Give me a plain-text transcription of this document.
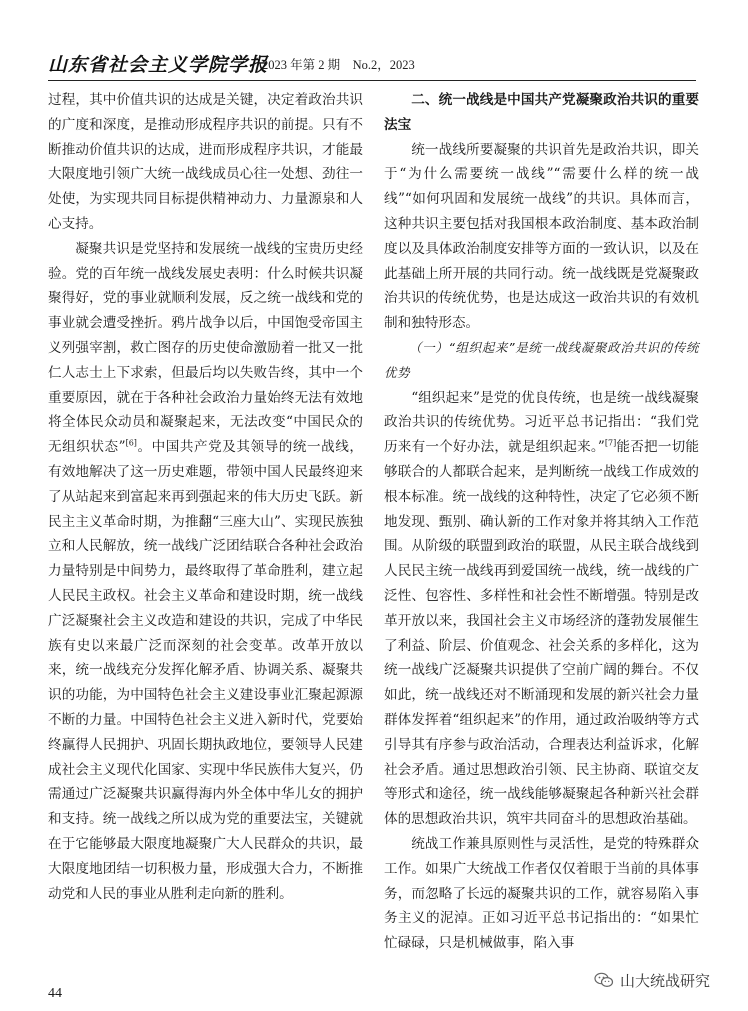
山东省社会主义学院学报
2023 年第 2 期    No.2，2023

过程，其中价值共识的达成是关键，决定着政治共识的广度和深度，是推动形成程序共识的前提。只有不断推动价值共识的达成，进而形成程序共识，才能最大限度地引领广大统一战线成员心往一处想、劲往一处使，为实现共同目标提供精神动力、力量源泉和人心支持。

凝聚共识是党坚持和发展统一战线的宝贵历史经验。党的百年统一战线发展史表明：什么时候共识凝聚得好，党的事业就顺利发展，反之统一战线和党的事业就会遭受挫折。鸦片战争以后，中国饱受帝国主义列强宰割，救亡图存的历史使命激励着一批又一批仁人志士上下求索，但最后均以失败告终，其中一个重要原因，就在于各种社会政治力量始终无法有效地将全体民众动员和凝聚起来，无法改变“中国民众的无组织状态”[6]。中国共产党及其领导的统一战线，有效地解决了这一历史难题，带领中国人民最终迎来了从站起来到富起来再到强起来的伟大历史飞跃。新民主主义革命时期，为推翻“三座大山”、实现民族独立和人民解放，统一战线广泛团结联合各种社会政治力量特别是中间势力，最终取得了革命胜利，建立起人民民主政权。社会主义革命和建设时期，统一战线广泛凝聚社会主义改造和建设的共识，完成了中华民族有史以来最广泛而深刻的社会变革。改革开放以来，统一战线充分发挥化解矛盾、协调关系、凝聚共识的功能，为中国特色社会主义建设事业汇聚起源源不断的力量。中国特色社会主义进入新时代，党要始终赢得人民拥护、巩固长期执政地位，要领导人民建成社会主义现代化国家、实现中华民族伟大复兴，仍需通过广泛凝聚共识赢得海内外全体中华儿女的拥护和支持。统一战线之所以成为党的重要法宝，关键就在于它能够最大限度地凝聚广大人民群众的共识，最大限度地团结一切积极力量，形成强大合力，不断推动党和人民的事业从胜利走向新的胜利。

二、统一战线是中国共产党凝聚政治共识的重要法宝

统一战线所要凝聚的共识首先是政治共识，即关于“为什么需要统一战线”“需要什么样的统一战线”“如何巩固和发展统一战线”的共识。具体而言，这种共识主要包括对我国根本政治制度、基本政治制度以及具体政治制度安排等方面的一致认识，以及在此基础上所开展的共同行动。统一战线既是党凝聚政治共识的传统优势，也是达成这一政治共识的有效机制和独特形态。

（一）“组织起来”是统一战线凝聚政治共识的传统优势

“组织起来”是党的优良传统，也是统一战线凝聚政治共识的传统优势。习近平总书记指出：“我们党历来有一个好办法，就是组织起来。”[7]能否把一切能够联合的人都联合起来，是判断统一战线工作成效的根本标准。统一战线的这种特性，决定了它必须不断地发现、甄别、确认新的工作对象并将其纳入工作范围。从阶级的联盟到政治的联盟，从民主联合战线到人民民主统一战线再到爱国统一战线，统一战线的广泛性、包容性、多样性和社会性不断增强。特别是改革开放以来，我国社会主义市场经济的蓬勃发展催生了利益、阶层、价值观念、社会关系的多样化，这为统一战线广泛凝聚共识提供了空前广阔的舞台。不仅如此，统一战线还对不断涌现和发展的新兴社会力量群体发挥着“组织起来”的作用，通过政治吸纳等方式引导其有序参与政治活动，合理表达利益诉求，化解社会矛盾。通过思想政治引领、民主协商、联谊交友等形式和途径，统一战线能够凝聚起各种新兴社会群体的思想政治共识，筑牢共同奋斗的思想政治基础。

统战工作兼具原则性与灵活性，是党的特殊群众工作。如果广大统战工作者仅仅着眼于当前的具体事务，而忽略了长远的凝聚共识的工作，就容易陷入事务主义的泥淖。正如习近平总书记指出的：“如果忙忙碌碌，只是机械做事，陷入事

44
山大统战研究
